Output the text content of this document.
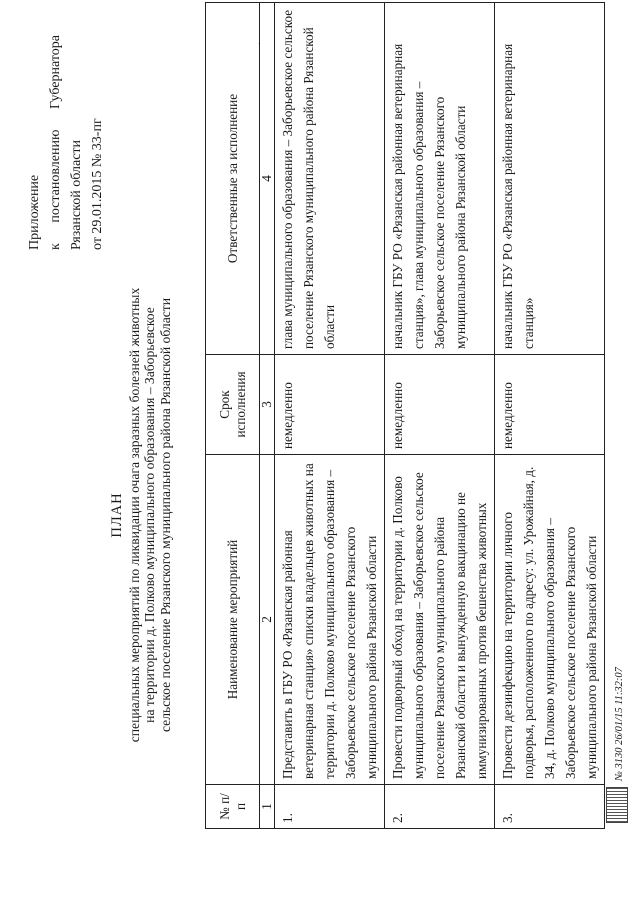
Приложение к
постановлению
Губернатора
Рязанской области от 29.01.2015 № 33-пг
ПЛАН специальных мероприятий по ликвидации очага заразных болезней животных на территории д. Полково муниципального образования – Заборьевское сельское поселение Рязанского муниципального района Рязанской области
№ п/п	Наименование мероприятий	Срок исполнения	Ответственные за исполнение
1	2	3	4
1.	Представить в ГБУ РО «Рязанская районная ветеринарная станция» списки владельцев животных на территории д. Полково муниципального образования – Заборьевское сельское поселение Рязанского муниципального района Рязанской области	немедленно	глава муниципального образования – Заборьевское сельское поселение Рязанского муниципального района Рязанской области
2.	Провести подворный обход на территории д. Полково муниципального образования – Заборьевское сельское поселение Рязанского муниципального района Рязанской области и вынужденную вакцинацию не иммунизированных против бешенства животных	немедленно	начальник ГБУ РО «Рязанская районная ветеринарная станция», глава муниципального образования – Заборьевское сельское поселение Рязанского муниципального района Рязанской области
3.	Провести дезинфекцию на территории личного подворья, расположенного по адресу: ул. Урожайная, д. 34, д. Полково муниципального образования – Заборьевское сельское поселение Рязанского муниципального района Рязанской области	немедленно	начальник ГБУ РО «Рязанская районная ветеринарная станция»
№ 3130 26/01/15 11:32:07
·
